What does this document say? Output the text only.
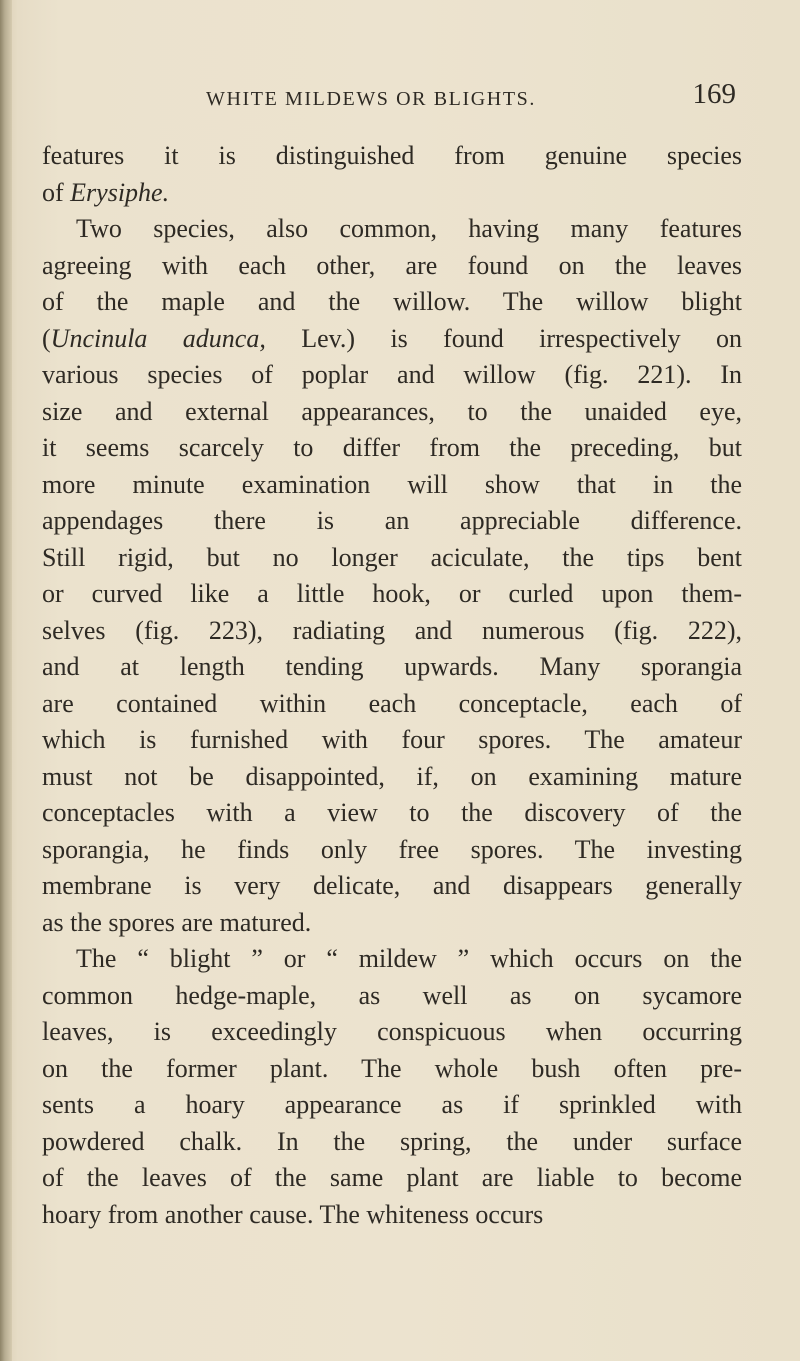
WHITE MILDEWS OR BLIGHTS.	169
features it is distinguished from genuine species
of Erysiphe.
Two species, also common, having many features
agreeing with each other, are found on the leaves
of the maple and the willow. The willow blight
(Uncinula adunca, Lev.) is found irrespectively on
various species of poplar and willow (fig. 221). In
size and external appearances, to the unaided eye,
it seems scarcely to differ from the preceding, but
more minute examination will show that in the
appendages there is an appreciable difference.
Still rigid, but no longer aciculate, the tips bent
or curved like a little hook, or curled upon them-
selves (fig. 223), radiating and numerous (fig. 222),
and at length tending upwards. Many sporangia
are contained within each conceptacle, each of
which is furnished with four spores. The amateur
must not be disappointed, if, on examining mature
conceptacles with a view to the discovery of the
sporangia, he finds only free spores. The investing
membrane is very delicate, and disappears generally
as the spores are matured.
The “ blight ” or “ mildew ” which occurs on the
common hedge-maple, as well as on sycamore
leaves, is exceedingly conspicuous when occurring
on the former plant. The whole bush often pre-
sents a hoary appearance as if sprinkled with
powdered chalk. In the spring, the under surface
of the leaves of the same plant are liable to become
hoary from another cause. The whiteness occurs
